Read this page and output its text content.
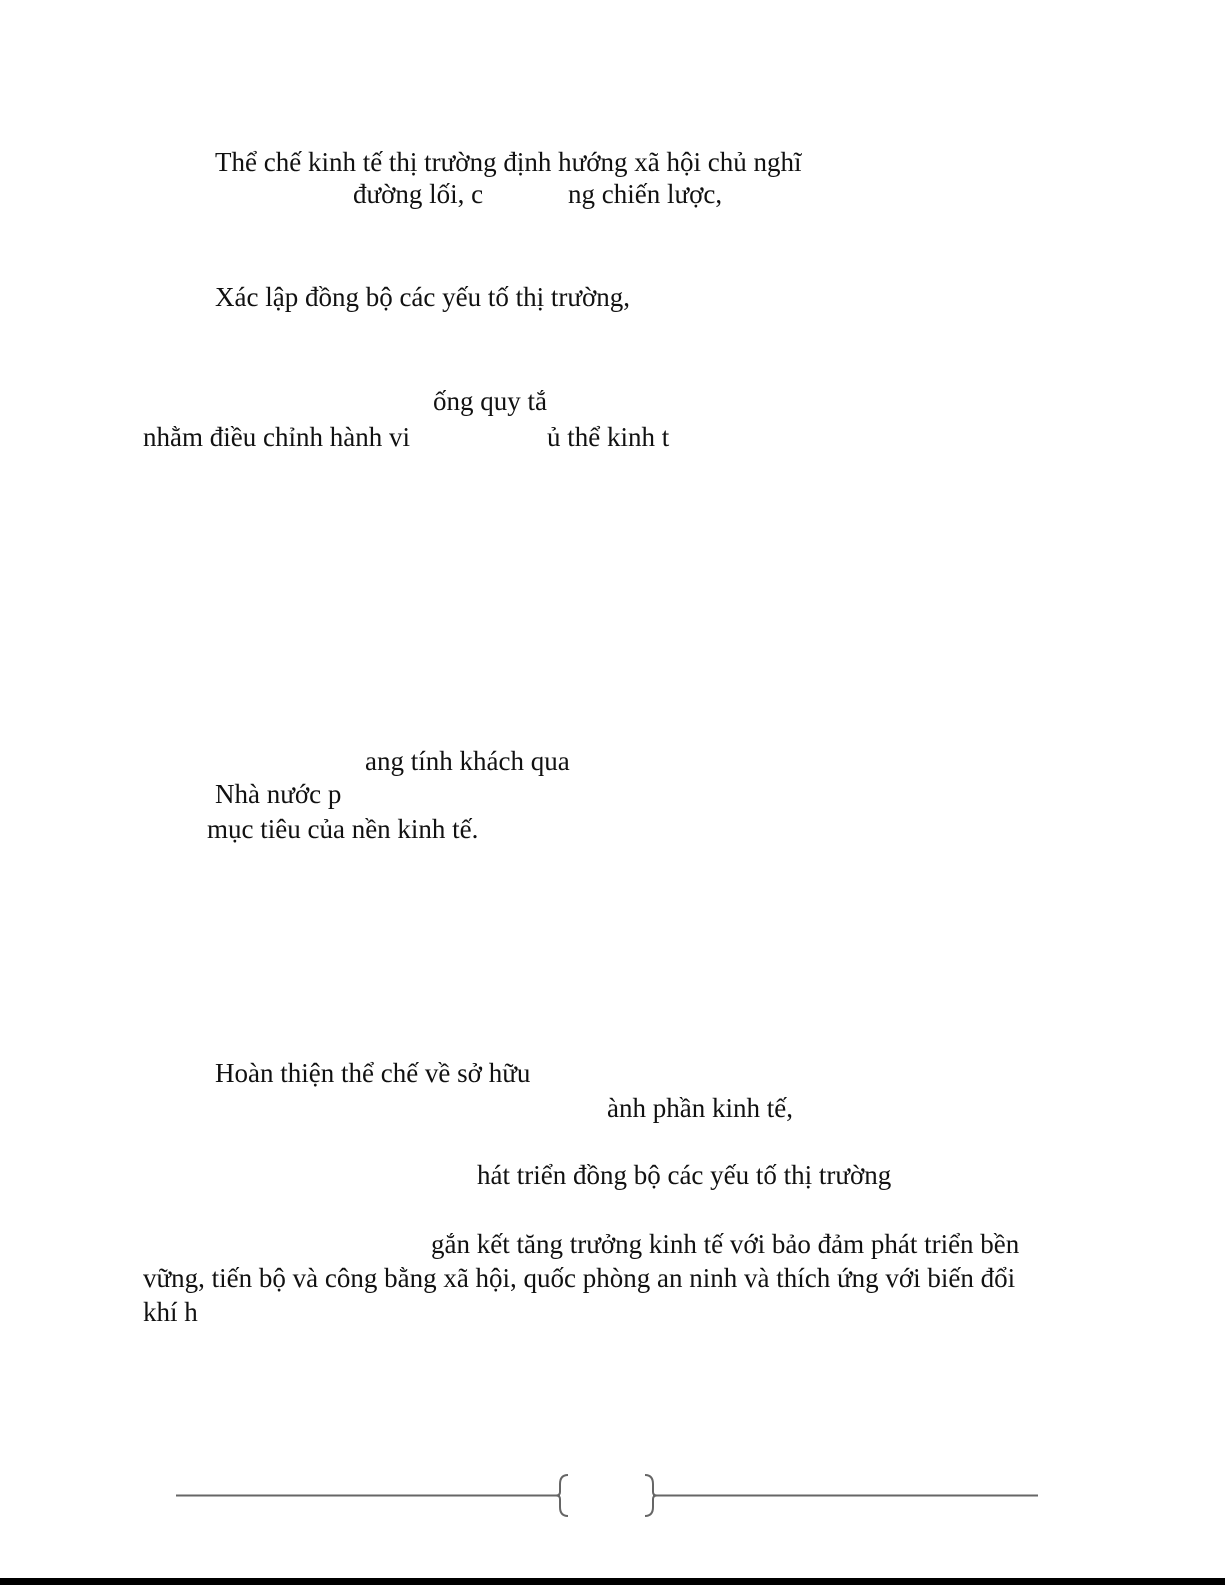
Thể chế kinh tế thị trường định hướng xã hội chủ nghĩ
đường lối, c	ng chiến lược,
Xác lập đồng bộ các yếu tố thị trường,
ống quy tắ
nhằm điều chỉnh hành vi	ủ thể kinh t
ang tính khách qua
Nhà nước p
mục tiêu của nền kinh tế.
Hoàn thiện thể chế về sở hữu
ành phần kinh tế,
hát triển đồng bộ các yếu tố thị trường
gắn kết tăng trưởng kinh tế với bảo đảm phát triển bền
vững, tiến bộ và công bằng xã hội, quốc phòng an ninh và thích ứng với biến đổi
khí h
